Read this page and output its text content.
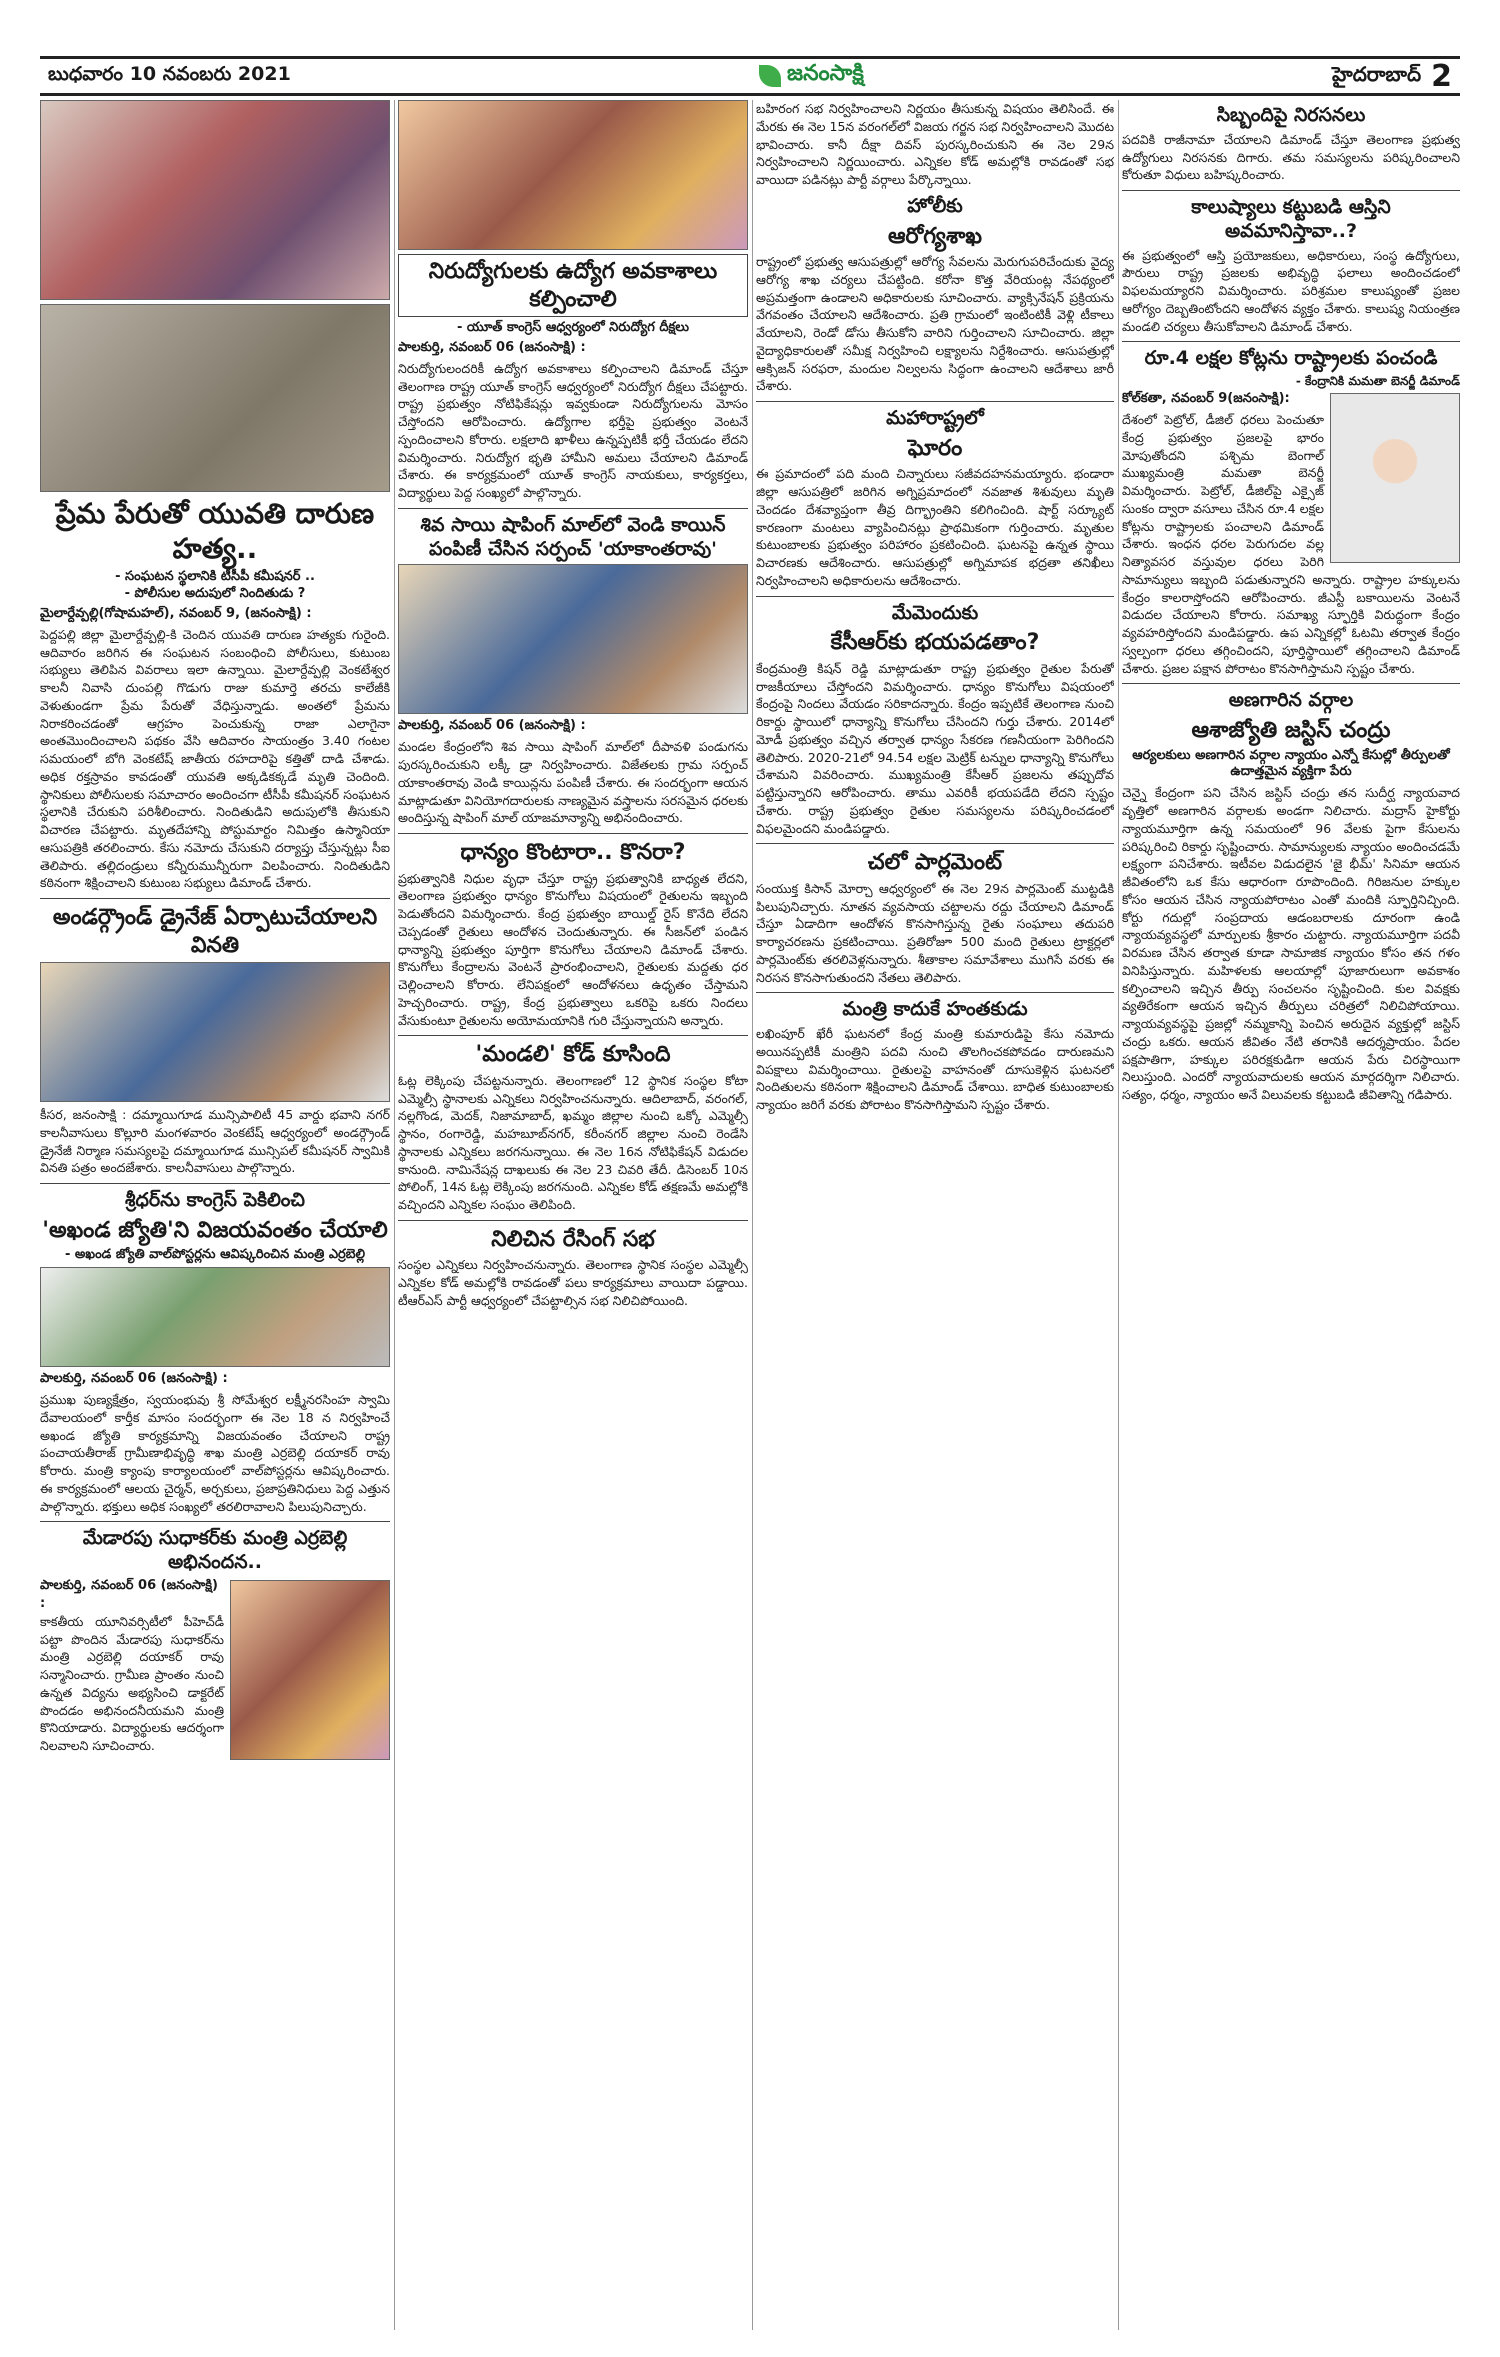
బుధవారం 10 నవంబరు 2021	జనంసాక్షి	హైదరాబాద్ 2
ప్రేమ పేరుతో యువతి దారుణ హత్య..
- సంఘటన స్థలానికి టీసీపీ కమీషనర్ ..
- పోలీసుల అదుపులో నిందితుడు ?
మైలార్దేవ్పల్లి(గోషామహల్), నవంబర్ 9, (జనంసాక్షి) :
పెద్దపల్లి జిల్లా మైలార్దేవ్పల్లి-కి చెందిన యువతి దారుణ హత్యకు గురైంది. ఆదివారం జరిగిన ఈ సంఘటన సంబంధించి పోలీసులు, కుటుంబ సభ్యులు తెలిపిన వివరాలు ఇలా ఉన్నాయి. మైలార్దేవ్పల్లి వెంకటేశ్వర కాలనీ నివాసి దుంపల్లి గొడుగు రాజు కుమార్తె తరచు కాలేజీకి వెళుతుండగా ప్రేమ పేరుతో వేధిస్తున్నాడు. అంతలో ప్రేమను నిరాకరించడంతో ఆగ్రహం పెంచుకున్న రాజా ఎలాగైనా అంతమొందించాలని పథకం వేసి ఆదివారం సాయంత్రం 3.40 గంటల సమయంలో బోగి వెంకటేష్ జాతీయ రహదారిపై కత్తితో దాడి చేశాడు. అధిక రక్తస్రావం కావడంతో యువతి అక్కడికక్కడే మృతి చెందింది. స్థానికులు పోలీసులకు సమాచారం అందించగా టీసీపీ కమీషనర్ సంఘటన స్థలానికి చేరుకుని పరిశీలించారు. నిందితుడిని అదుపులోకి తీసుకుని విచారణ చేపట్టారు. మృతదేహాన్ని పోస్టుమార్టం నిమిత్తం ఉస్మానియా ఆసుపత్రికి తరలించారు. కేసు నమోదు చేసుకుని దర్యాప్తు చేస్తున్నట్లు సీఐ తెలిపారు. తల్లిదండ్రులు కన్నీరుమున్నీరుగా విలపించారు. నిందితుడిని కఠినంగా శిక్షించాలని కుటుంబ సభ్యులు డిమాండ్ చేశారు.
అండర్గ్రౌండ్ డ్రైనేజ్ ఏర్పాటుచేయాలని వినతి
కీసర, జనంసాక్షి : దమ్మాయిగూడ మున్సిపాలిటీ 45 వార్డు భవాని నగర్ కాలనీవాసులు కొల్లూరి మంగళవారం వెంకటేష్ ఆధ్వర్యంలో అండర్గ్రౌండ్ డ్రైనేజీ నిర్మాణ సమస్యలపై దమ్మాయిగూడ మున్సిపల్ కమీషనర్ స్వామికి వినతి పత్రం అందజేశారు. కాలనీవాసులు పాల్గొన్నారు.
శ్రీధర్‌ను కాంగ్రెస్ పెకిలించి
'అఖండ జ్యోతి'ని విజయవంతం చేయాలి
- అఖండ జ్యోతి వాల్‌పోస్టర్లను ఆవిష్కరించిన మంత్రి ఎర్రబెల్లి
పాలకుర్తి, నవంబర్ 06 (జనంసాక్షి) :
ప్రముఖ పుణ్యక్షేత్రం, స్వయంభువు శ్రీ సోమేశ్వర లక్ష్మీనరసింహ స్వామి దేవాలయంలో కార్తీక మాసం సందర్భంగా ఈ నెల 18 న నిర్వహించే అఖండ జ్యోతి కార్యక్రమాన్ని విజయవంతం చేయాలని రాష్ట్ర పంచాయతీరాజ్ గ్రామీణాభివృద్ధి శాఖ మంత్రి ఎర్రబెల్లి దయాకర్ రావు కోరారు. మంత్రి క్యాంపు కార్యాలయంలో వాల్‌పోస్టర్లను ఆవిష్కరించారు. ఈ కార్యక్రమంలో ఆలయ చైర్మన్, అర్చకులు, ప్రజాప్రతినిధులు పెద్ద ఎత్తున పాల్గొన్నారు. భక్తులు అధిక సంఖ్యలో తరలిరావాలని పిలుపునిచ్చారు.
మేడారపు సుధాకర్‌కు మంత్రి ఎర్రబెల్లి అభినందన..
పాలకుర్తి, నవంబర్ 06 (జనంసాక్షి) :
కాకతీయ యూనివర్సిటీలో పీహెచ్‌డీ పట్టా పొందిన మేడారపు సుధాకర్‌ను మంత్రి ఎర్రబెల్లి దయాకర్ రావు సన్మానించారు. గ్రామీణ ప్రాంతం నుంచి ఉన్నత విద్యను అభ్యసించి డాక్టరేట్ పొందడం అభినందనీయమని మంత్రి కొనియాడారు. విద్యార్థులకు ఆదర్శంగా నిలవాలని సూచించారు.
నిరుద్యోగులకు ఉద్యోగ అవకాశాలు కల్పించాలి
- యూత్ కాంగ్రెస్ ఆధ్వర్యంలో నిరుద్యోగ దీక్షలు
పాలకుర్తి, నవంబర్ 06 (జనంసాక్షి) :
నిరుద్యోగులందరికీ ఉద్యోగ అవకాశాలు కల్పించాలని డిమాండ్ చేస్తూ తెలంగాణ రాష్ట్ర యూత్ కాంగ్రెస్ ఆధ్వర్యంలో నిరుద్యోగ దీక్షలు చేపట్టారు. రాష్ట్ర ప్రభుత్వం నోటిఫికేషన్లు ఇవ్వకుండా నిరుద్యోగులను మోసం చేస్తోందని ఆరోపించారు. ఉద్యోగాల భర్తీపై ప్రభుత్వం వెంటనే స్పందించాలని కోరారు. లక్షలాది ఖాళీలు ఉన్నప్పటికీ భర్తీ చేయడం లేదని విమర్శించారు. నిరుద్యోగ భృతి హామీని అమలు చేయాలని డిమాండ్ చేశారు. ఈ కార్యక్రమంలో యూత్ కాంగ్రెస్ నాయకులు, కార్యకర్తలు, విద్యార్థులు పెద్ద సంఖ్యలో పాల్గొన్నారు.
శివ సాయి షాపింగ్ మాల్‌లో వెండి కాయిన్ పంపిణీ చేసిన సర్పంచ్ 'యాకాంతరావు'
పాలకుర్తి, నవంబర్ 06 (జనంసాక్షి) :
మండల కేంద్రంలోని శివ సాయి షాపింగ్ మాల్‌లో దీపావళి పండుగను పురస్కరించుకుని లక్కీ డ్రా నిర్వహించారు. విజేతలకు గ్రామ సర్పంచ్ యాకాంతరావు వెండి కాయిన్లను పంపిణీ చేశారు. ఈ సందర్భంగా ఆయన మాట్లాడుతూ వినియోగదారులకు నాణ్యమైన వస్త్రాలను సరసమైన ధరలకు అందిస్తున్న షాపింగ్ మాల్ యాజమాన్యాన్ని అభినందించారు.
ధాన్యం కొంటారా.. కొనరా?
ప్రభుత్వానికి నిధుల వృధా చేస్తూ రాష్ట్ర ప్రభుత్వానికి బాధ్యత లేదని, తెలంగాణ ప్రభుత్వం ధాన్యం కొనుగోలు విషయంలో రైతులను ఇబ్బంది పెడుతోందని విమర్శించారు. కేంద్ర ప్రభుత్వం బాయిల్డ్ రైస్ కొనేది లేదని చెప్పడంతో రైతులు ఆందోళన చెందుతున్నారు. ఈ సీజన్‌లో పండిన ధాన్యాన్ని ప్రభుత్వం పూర్తిగా కొనుగోలు చేయాలని డిమాండ్ చేశారు. కొనుగోలు కేంద్రాలను వెంటనే ప్రారంభించాలని, రైతులకు మద్దతు ధర చెల్లించాలని కోరారు. లేనిపక్షంలో ఆందోళనలు ఉధృతం చేస్తామని హెచ్చరించారు. రాష్ట్ర, కేంద్ర ప్రభుత్వాలు ఒకరిపై ఒకరు నిందలు వేసుకుంటూ రైతులను అయోమయానికి గురి చేస్తున్నాయని అన్నారు.
'మండలి' కోడ్ కూసింది
ఓట్ల లెక్కింపు చేపట్టనున్నారు. తెలంగాణలో 12 స్థానిక సంస్థల కోటా ఎమ్మెల్సీ స్థానాలకు ఎన్నికలు నిర్వహించనున్నారు. ఆదిలాబాద్, వరంగల్, నల్లగొండ, మెదక్, నిజామాబాద్, ఖమ్మం జిల్లాల నుంచి ఒక్కో ఎమ్మెల్సీ స్థానం, రంగారెడ్డి, మహబూబ్‌నగర్, కరీంనగర్ జిల్లాల నుంచి రెండేసి స్థానాలకు ఎన్నికలు జరగనున్నాయి. ఈ నెల 16న నోటిఫికేషన్ విడుదల కానుంది. నామినేషన్ల దాఖలుకు ఈ నెల 23 చివరి తేదీ. డిసెంబర్ 10న పోలింగ్, 14న ఓట్ల లెక్కింపు జరగనుంది. ఎన్నికల కోడ్ తక్షణమే అమల్లోకి వచ్చిందని ఎన్నికల సంఘం తెలిపింది.
నిలిచిన రేసింగ్ సభ
సంస్థల ఎన్నికలు నిర్వహించనున్నారు. తెలంగాణ స్థానిక సంస్థల ఎమ్మెల్సీ ఎన్నికల కోడ్ అమల్లోకి రావడంతో పలు కార్యక్రమాలు వాయిదా పడ్డాయి. టీఆర్ఎస్ పార్టీ ఆధ్వర్యంలో చేపట్టాల్సిన సభ నిలిచిపోయింది.
బహిరంగ సభ నిర్వహించాలని నిర్ణయం తీసుకున్న విషయం తెలిసిందే. ఈ మేరకు ఈ నెల 15న వరంగల్‌లో విజయ గర్జన సభ నిర్వహించాలని మొదట భావించారు. కానీ దీక్షా దివస్ పురస్కరించుకుని ఈ నెల 29న నిర్వహించాలని నిర్ణయించారు. ఎన్నికల కోడ్ అమల్లోకి రావడంతో సభ వాయిదా పడినట్లు పార్టీ వర్గాలు పేర్కొన్నాయి.
హోలీకు
ఆరోగ్యశాఖ
రాష్ట్రంలో ప్రభుత్వ ఆసుపత్రుల్లో ఆరోగ్య సేవలను మెరుగుపరిచేందుకు వైద్య ఆరోగ్య శాఖ చర్యలు చేపట్టింది. కరోనా కొత్త వేరియంట్ల నేపథ్యంలో అప్రమత్తంగా ఉండాలని అధికారులకు సూచించారు. వ్యాక్సినేషన్ ప్రక్రియను వేగవంతం చేయాలని ఆదేశించారు. ప్రతి గ్రామంలో ఇంటింటికీ వెళ్లి టీకాలు వేయాలని, రెండో డోసు తీసుకోని వారిని గుర్తించాలని సూచించారు. జిల్లా వైద్యాధికారులతో సమీక్ష నిర్వహించి లక్ష్యాలను నిర్దేశించారు. ఆసుపత్రుల్లో ఆక్సిజన్ సరఫరా, మందుల నిల్వలను సిద్ధంగా ఉంచాలని ఆదేశాలు జారీ చేశారు.
మహారాష్ట్రలో
ఘోరం
ఈ ప్రమాదంలో పది మంది చిన్నారులు సజీవదహనమయ్యారు. భండారా జిల్లా ఆసుపత్రిలో జరిగిన అగ్నిప్రమాదంలో నవజాత శిశువులు మృతి చెందడం దేశవ్యాప్తంగా తీవ్ర దిగ్భ్రాంతిని కలిగించింది. షార్ట్ సర్క్యూట్ కారణంగా మంటలు వ్యాపించినట్లు ప్రాథమికంగా గుర్తించారు. మృతుల కుటుంబాలకు ప్రభుత్వం పరిహారం ప్రకటించింది. ఘటనపై ఉన్నత స్థాయి విచారణకు ఆదేశించారు. ఆసుపత్రుల్లో అగ్నిమాపక భద్రతా తనిఖీలు నిర్వహించాలని అధికారులను ఆదేశించారు.
మేమెందుకు
కేసీఆర్‌కు భయపడతాం?
కేంద్రమంత్రి కిషన్ రెడ్డి మాట్లాడుతూ రాష్ట్ర ప్రభుత్వం రైతుల పేరుతో రాజకీయాలు చేస్తోందని విమర్శించారు. ధాన్యం కొనుగోలు విషయంలో కేంద్రంపై నిందలు వేయడం సరికాదన్నారు. కేంద్రం ఇప్పటికే తెలంగాణ నుంచి రికార్డు స్థాయిలో ధాన్యాన్ని కొనుగోలు చేసిందని గుర్తు చేశారు. 2014లో మోడీ ప్రభుత్వం వచ్చిన తర్వాత ధాన్యం సేకరణ గణనీయంగా పెరిగిందని తెలిపారు. 2020-21లో 94.54 లక్షల మెట్రిక్ టన్నుల ధాన్యాన్ని కొనుగోలు చేశామని వివరించారు. ముఖ్యమంత్రి కేసీఆర్ ప్రజలను తప్పుదోవ పట్టిస్తున్నారని ఆరోపించారు. తాము ఎవరికీ భయపడేది లేదని స్పష్టం చేశారు. రాష్ట్ర ప్రభుత్వం రైతుల సమస్యలను పరిష్కరించడంలో విఫలమైందని మండిపడ్డారు.
చలో పార్లమెంట్
సంయుక్త కిసాన్ మోర్చా ఆధ్వర్యంలో ఈ నెల 29న పార్లమెంట్ ముట్టడికి పిలుపునిచ్చారు. నూతన వ్యవసాయ చట్టాలను రద్దు చేయాలని డిమాండ్ చేస్తూ ఏడాదిగా ఆందోళన కొనసాగిస్తున్న రైతు సంఘాలు తదుపరి కార్యాచరణను ప్రకటించాయి. ప్రతిరోజూ 500 మంది రైతులు ట్రాక్టర్లలో పార్లమెంట్‌కు తరలివెళ్లనున్నారు. శీతాకాల సమావేశాలు ముగిసే వరకు ఈ నిరసన కొనసాగుతుందని నేతలు తెలిపారు.
మంత్రి కాదుకే హంతకుడు
లఖింపూర్ ఖేరీ ఘటనలో కేంద్ర మంత్రి కుమారుడిపై కేసు నమోదు అయినప్పటికీ మంత్రిని పదవి నుంచి తొలగించకపోవడం దారుణమని విపక్షాలు విమర్శించాయి. రైతులపై వాహనంతో దూసుకెళ్లిన ఘటనలో నిందితులను కఠినంగా శిక్షించాలని డిమాండ్ చేశాయి. బాధిత కుటుంబాలకు న్యాయం జరిగే వరకు పోరాటం కొనసాగిస్తామని స్పష్టం చేశారు.
సిబ్బందిపై నిరసనలు
పదవికి రాజీనామా చేయాలని డిమాండ్ చేస్తూ తెలంగాణ ప్రభుత్వ ఉద్యోగులు నిరసనకు దిగారు. తమ సమస్యలను పరిష్కరించాలని కోరుతూ విధులు బహిష్కరించారు.
కాలుష్యాలు కట్టుబడి ఆస్తిని అవమానిస్తావా..?
ఈ ప్రభుత్వంలో ఆస్తి ప్రయోజకులు, అధికారులు, సంస్థ ఉద్యోగులు, పౌరులు రాష్ట్ర ప్రజలకు అభివృద్ధి ఫలాలు అందించడంలో విఫలమయ్యారని విమర్శించారు. పరిశ్రమల కాలుష్యంతో ప్రజల ఆరోగ్యం దెబ్బతింటోందని ఆందోళన వ్యక్తం చేశారు. కాలుష్య నియంత్రణ మండలి చర్యలు తీసుకోవాలని డిమాండ్ చేశారు.
రూ.4 లక్షల కోట్లను రాష్ట్రాలకు పంచండి
- కేంద్రానికి మమతా బెనర్జీ డిమాండ్
కోల్‌కతా, నవంబర్ 9(జనంసాక్షి):
దేశంలో పెట్రోల్, డీజిల్ ధరలు పెంచుతూ కేంద్ర ప్రభుత్వం ప్రజలపై భారం మోపుతోందని పశ్చిమ బెంగాల్ ముఖ్యమంత్రి మమతా బెనర్జీ విమర్శించారు. పెట్రోల్, డీజిల్‌పై ఎక్సైజ్ సుంకం ద్వారా వసూలు చేసిన రూ.4 లక్షల కోట్లను రాష్ట్రాలకు పంచాలని డిమాండ్ చేశారు. ఇంధన ధరల పెరుగుదల వల్ల నిత్యావసర వస్తువుల ధరలు పెరిగి సామాన్యులు ఇబ్బంది పడుతున్నారని అన్నారు. రాష్ట్రాల హక్కులను కేంద్రం కాలరాస్తోందని ఆరోపించారు. జీఎస్టీ బకాయిలను వెంటనే విడుదల చేయాలని కోరారు. సమాఖ్య స్ఫూర్తికి విరుద్ధంగా కేంద్రం వ్యవహరిస్తోందని మండిపడ్డారు. ఉప ఎన్నికల్లో ఓటమి తర్వాత కేంద్రం స్వల్పంగా ధరలు తగ్గించిందని, పూర్తిస్థాయిలో తగ్గించాలని డిమాండ్ చేశారు. ప్రజల పక్షాన పోరాటం కొనసాగిస్తామని స్పష్టం చేశారు.
అణగారిన వర్గాల
ఆశాజ్యోతి జస్టిస్ చంద్రు
ఆర్యలకులు అణగారిన వర్గాల న్యాయం ఎన్నో కేసుల్లో తీర్పులతో ఉదాత్తమైన వ్యక్తిగా పేరు
చెన్నై కేంద్రంగా పని చేసిన జస్టిస్ చంద్రు తన సుదీర్ఘ న్యాయవాద వృత్తిలో అణగారిన వర్గాలకు అండగా నిలిచారు. మద్రాస్ హైకోర్టు న్యాయమూర్తిగా ఉన్న సమయంలో 96 వేలకు పైగా కేసులను పరిష్కరించి రికార్డు సృష్టించారు. సామాన్యులకు న్యాయం అందించడమే లక్ష్యంగా పనిచేశారు. ఇటీవల విడుదలైన 'జై భీమ్' సినిమా ఆయన జీవితంలోని ఒక కేసు ఆధారంగా రూపొందింది. గిరిజనుల హక్కుల కోసం ఆయన చేసిన న్యాయపోరాటం ఎంతో మందికి స్ఫూర్తినిచ్చింది. కోర్టు గదుల్లో సంప్రదాయ ఆడంబరాలకు దూరంగా ఉండి న్యాయవ్యవస్థలో మార్పులకు శ్రీకారం చుట్టారు. న్యాయమూర్తిగా పదవీ విరమణ చేసిన తర్వాత కూడా సామాజిక న్యాయం కోసం తన గళం వినిపిస్తున్నారు. మహిళలకు ఆలయాల్లో పూజారులుగా అవకాశం కల్పించాలని ఇచ్చిన తీర్పు సంచలనం సృష్టించింది. కుల వివక్షకు వ్యతిరేకంగా ఆయన ఇచ్చిన తీర్పులు చరిత్రలో నిలిచిపోయాయి. న్యాయవ్యవస్థపై ప్రజల్లో నమ్మకాన్ని పెంచిన అరుదైన వ్యక్తుల్లో జస్టిస్ చంద్రు ఒకరు. ఆయన జీవితం నేటి తరానికి ఆదర్శప్రాయం. పేదల పక్షపాతిగా, హక్కుల పరిరక్షకుడిగా ఆయన పేరు చిరస్థాయిగా నిలుస్తుంది. ఎందరో న్యాయవాదులకు ఆయన మార్గదర్శిగా నిలిచారు. సత్యం, ధర్మం, న్యాయం అనే విలువలకు కట్టుబడి జీవితాన్ని గడిపారు.
